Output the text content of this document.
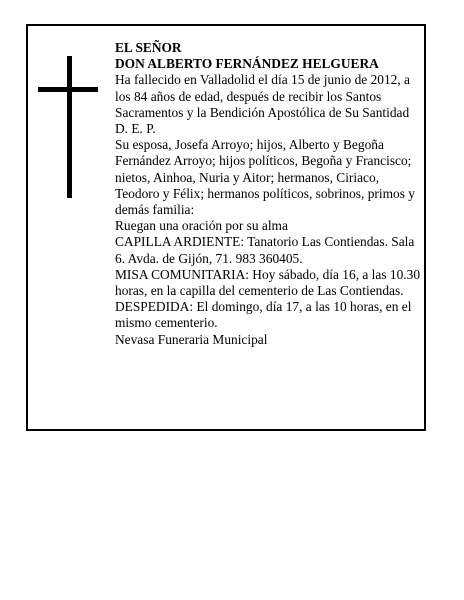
EL SEÑOR

DON ALBERTO FERNÁNDEZ HELGUERA

Ha fallecido en Valladolid el día 15 de junio de 2012, a los 84 años de edad, después de recibir los Santos Sacramentos y la Bendición Apostólica de Su Santidad D. E. P.

Su esposa, Josefa Arroyo; hijos, Alberto y Begoña Fernández Arroyo; hijos políticos, Begoña y Francisco; nietos, Ainhoa, Nuria y Aitor; hermanos, Ciriaco, Teodoro y Félix; hermanos políticos, sobrinos, primos y demás familia:

Ruegan una oración por su alma

CAPILLA ARDIENTE: Tanatorio Las Contiendas. Sala 6. Avda. de Gijón, 71. 983 360405.

MISA COMUNITARIA: Hoy sábado, día 16, a las 10.30 horas, en la capilla del cementerio de Las Contiendas.

DESPEDIDA: El domingo, día 17, a las 10 horas, en el mismo cementerio.

Nevasa Funeraria Municipal
